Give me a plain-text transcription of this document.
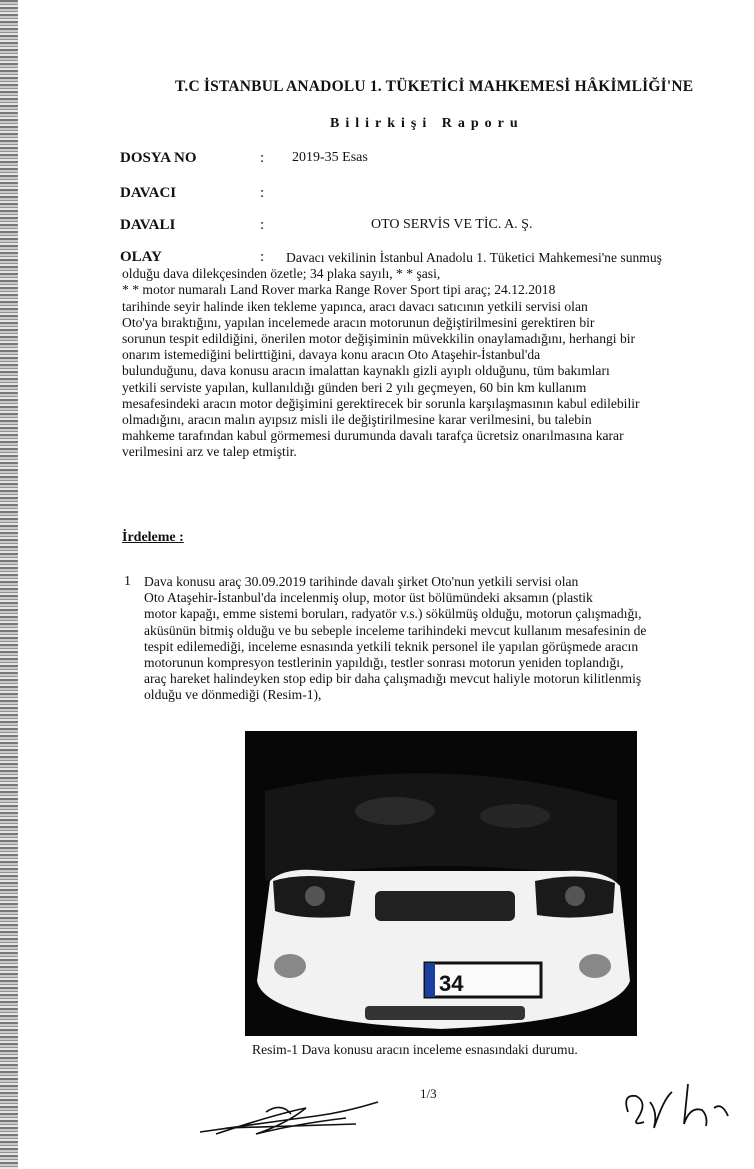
T.C İSTANBUL ANADOLU 1. TÜKETİCİ MAHKEMESİ HÂKİMLİĞİ'NE
Bilirkişi Raporu
DOSYA NO	: 2019-35 Esas
DAVACI	:
DAVALI	:	OTO SERVİS VE TİC. A. Ş.
OLAY	: Davacı vekilinin İstanbul Anadolu 1. Tüketici Mahkemesi'ne sunmuş
olduğu dava dilekçesinden özetle; 34 plaka sayılı, * * şasi,
* * motor numaralı Land Rover marka Range Rover Sport tipi araç; 24.12.2018
tarihinde seyir halinde iken tekleme yapınca, aracı davacı satıcının yetkili servisi olan
Oto'ya bıraktığını, yapılan incelemede aracın motorunun değiştirilmesini gerektiren bir
sorunun tespit edildiğini, önerilen motor değişiminin müvekkilin onaylamadığını, herhangi bir
onarım istemediğini belirttiğini, davaya konu aracın Oto Ataşehir-İstanbul'da
bulunduğunu, dava konusu aracın imalattan kaynaklı gizli ayıplı olduğunu, tüm bakımları
yetkili serviste yapılan, kullanıldığı günden beri 2 yılı geçmeyen, 60 bin km kullanım
mesafesindeki aracın motor değişimini gerektirecek bir sorunla karşılaşmasının kabul edilebilir
olmadığını, aracın malın ayıpsız misli ile değiştirilmesine karar verilmesini, bu talebin
mahkeme tarafından kabul görmemesi durumunda davalı tarafça ücretsiz onarılmasına karar
verilmesini arz ve talep etmiştir.
İrdeleme :
1 Dava konusu araç 30.09.2019 tarihinde davalı şirket Oto'nun yetkili servisi olan
Oto Ataşehir-İstanbul'da incelenmiş olup, motor üst bölümündeki aksamın (plastik
motor kapağı, emme sistemi boruları, radyatör v.s.) sökülmüş olduğu, motorun çalışmadığı,
aküsünün bitmiş olduğu ve bu sebeple inceleme tarihindeki mevcut kullanım mesafesinin de
tespit edilemediği, inceleme esnasında yetkili teknik personel ile yapılan görüşmede aracın
motorunun kompresyon testlerinin yapıldığı, testler sonrası motorun yeniden toplandığı,
araç hareket halindeyken stop edip bir daha çalışmadığı mevcut haliyle motorun kilitlenmiş
olduğu ve dönmediği (Resim-1),
34
Resim-1 Dava konusu aracın inceleme esnasındaki durumu.
1/3
